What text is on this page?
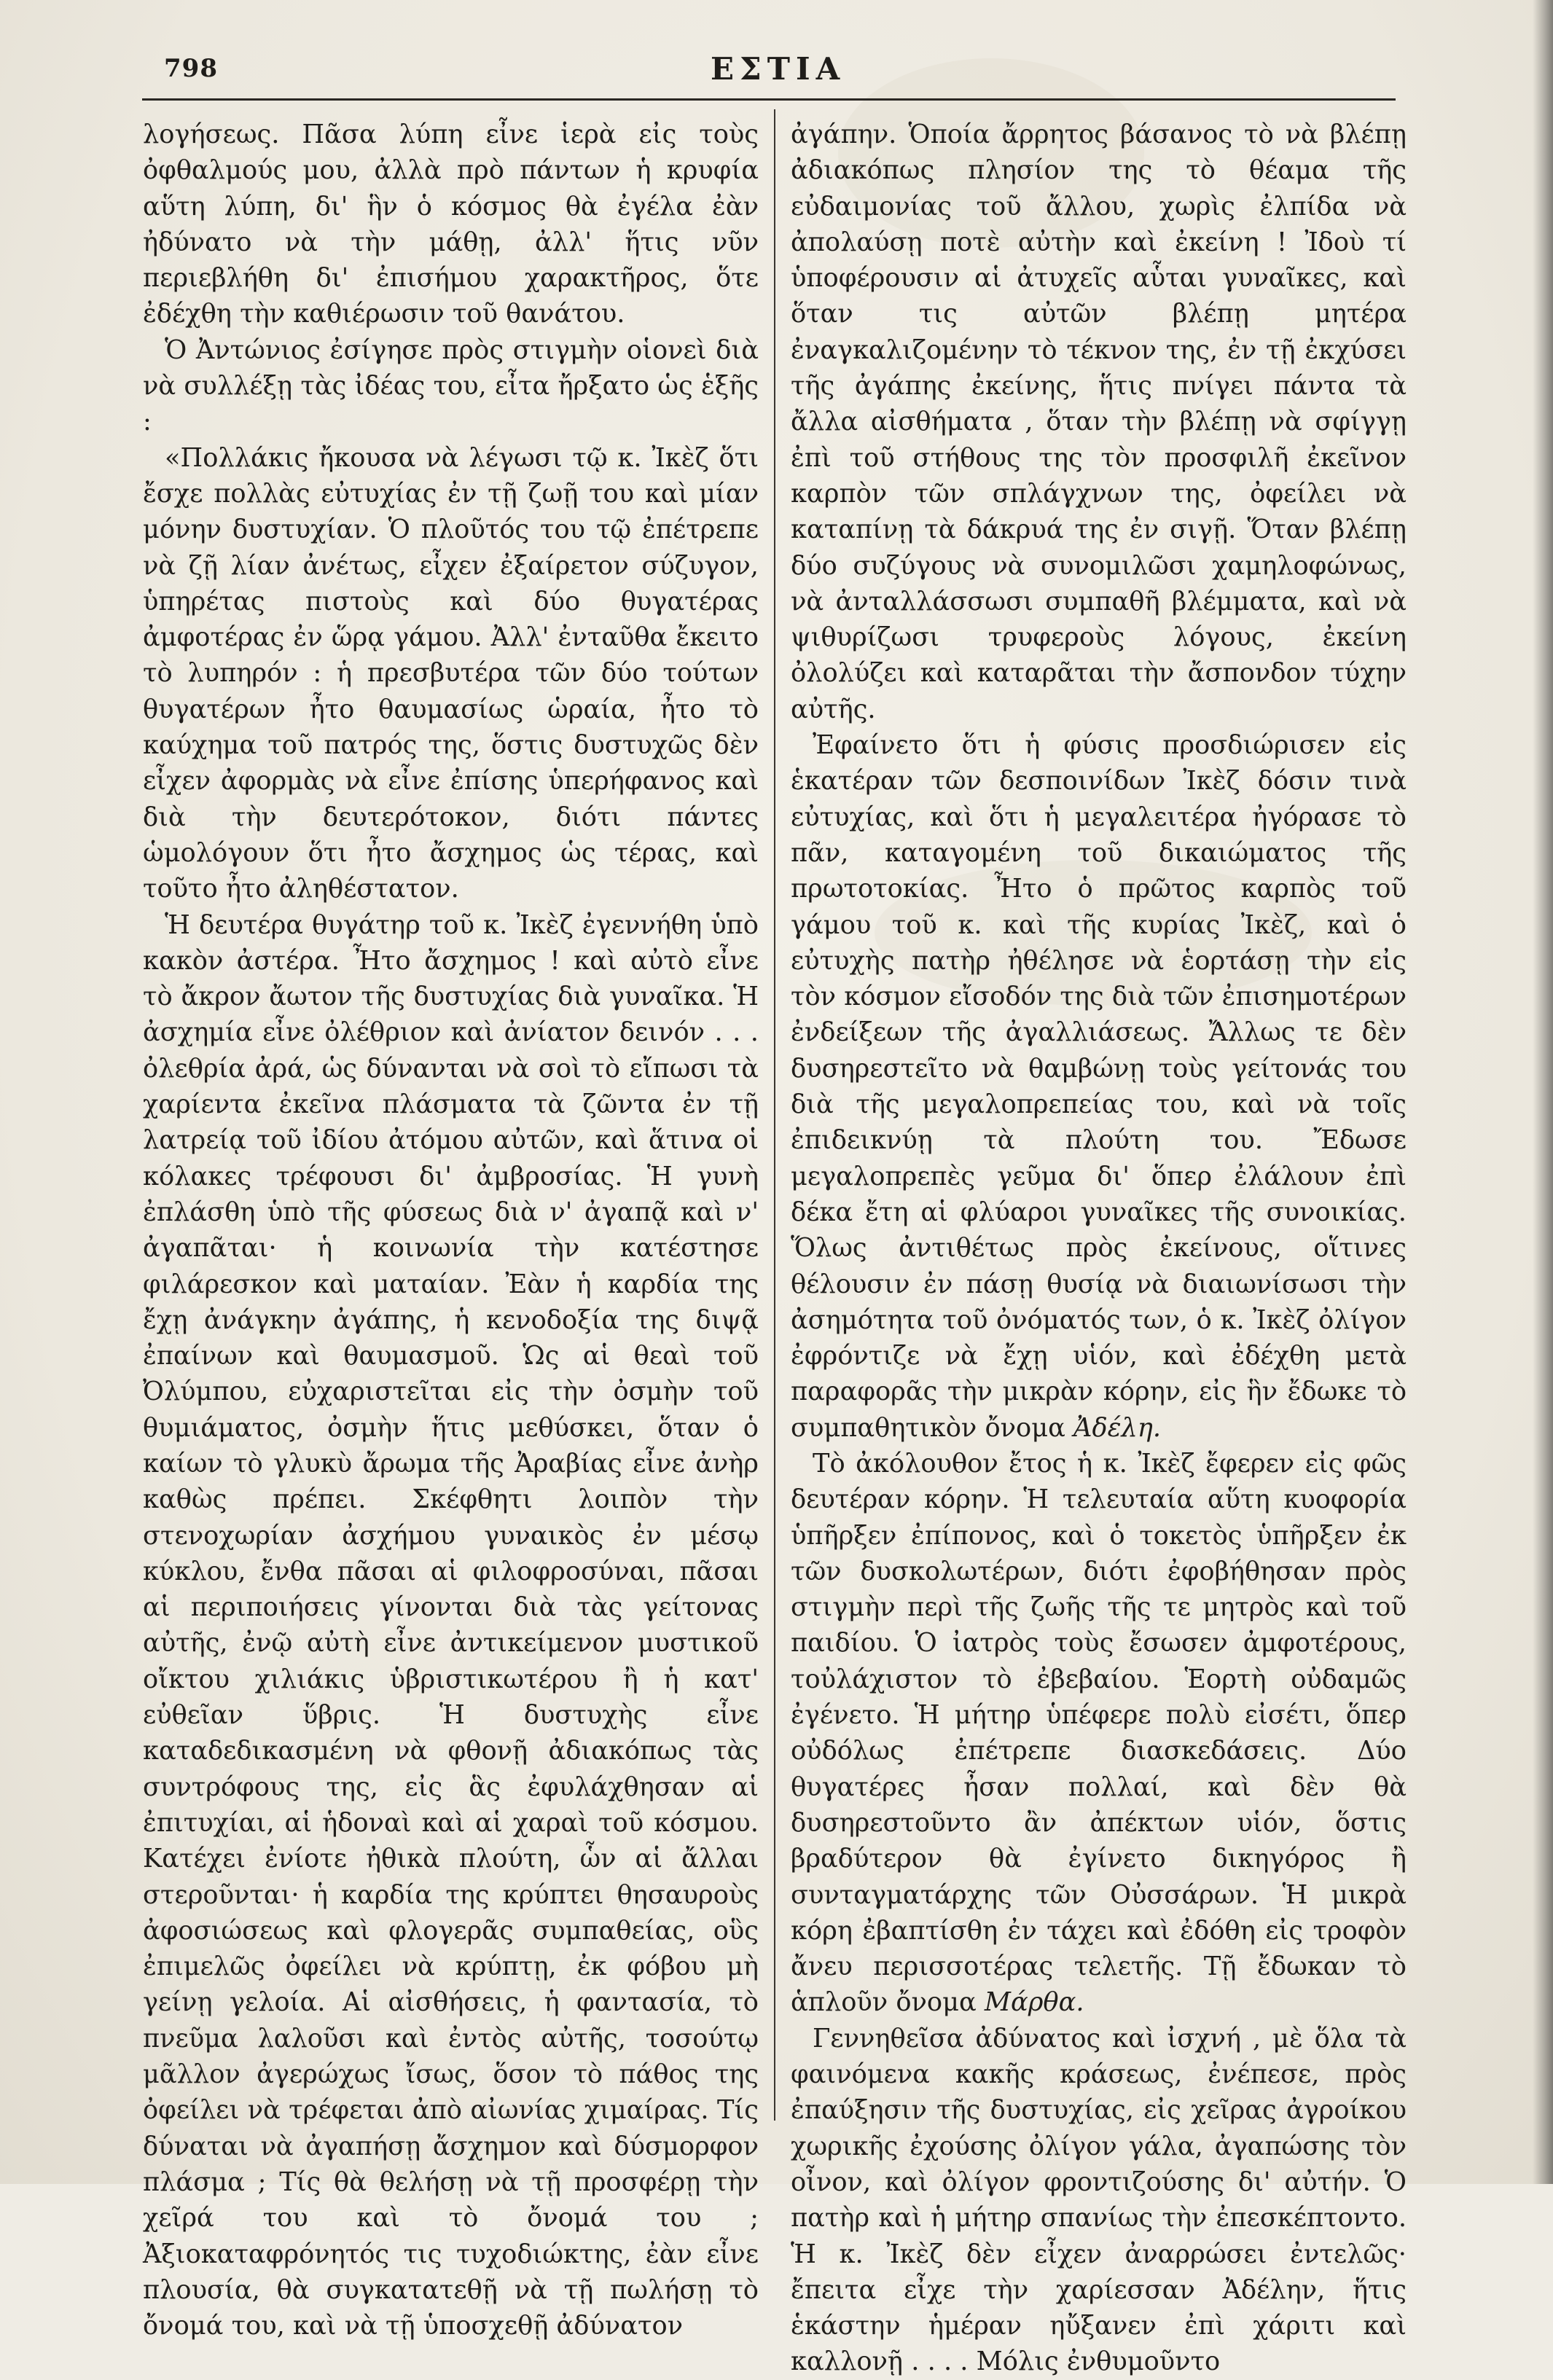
798	ΕΣΤΙΑ

λογήσεως. Πᾶσα λύπη εἶνε ἱερὰ εἰς τοὺς ὀφθαλμούς μου, ἀλλὰ πρὸ πάντων ἡ κρυφία αὕτη λύπη, δι' ἣν ὁ κόσμος θὰ ἐγέλα ἐὰν ἠδύνατο νὰ τὴν μάθῃ, ἀλλ' ἥτις νῦν περιεβλήθη δι' ἐπισήμου χαρακτῆρος, ὅτε ἐδέχθη τὴν καθιέρωσιν τοῦ θανάτου.

Ὁ Ἀντώνιος ἐσίγησε πρὸς στιγμὴν οἱονεὶ διὰ νὰ συλλέξῃ τὰς ἰδέας του, εἶτα ἤρξατο ὡς ἑξῆς :

«Πολλάκις ἤκουσα νὰ λέγωσι τῷ κ. Ἰκὲζ ὅτι ἔσχε πολλὰς εὐτυχίας ἐν τῇ ζωῇ του καὶ μίαν μόνην δυστυχίαν. Ὁ πλοῦτός του τῷ ἐπέτρεπε νὰ ζῇ λίαν ἀνέτως, εἶχεν ἐξαίρετον σύζυγον, ὑπηρέτας πιστοὺς καὶ δύο θυγατέρας ἀμφοτέρας ἐν ὥρᾳ γάμου. Ἀλλ' ἐνταῦθα ἔκειτο τὸ λυπηρόν : ἡ πρεσβυτέρα τῶν δύο τούτων θυγατέρων ἦτο θαυμασίως ὡραία, ἦτο τὸ καύχημα τοῦ πατρός της, ὅστις δυστυχῶς δὲν εἶχεν ἀφορμὰς νὰ εἶνε ἐπίσης ὑπερήφανος καὶ διὰ τὴν δευτερότοκον, διότι πάντες ὡμολόγουν ὅτι ἦτο ἄσχημος ὡς τέρας, καὶ τοῦτο ἦτο ἀληθέστατον.

Ἡ δευτέρα θυγάτηρ τοῦ κ. Ἰκὲζ ἐγεννήθη ὑπὸ κακὸν ἀστέρα. Ἦτο ἄσχημος ! καὶ αὐτὸ εἶνε τὸ ἄκρον ἄωτον τῆς δυστυχίας διὰ γυναῖκα. Ἡ ἀσχημία εἶνε ὀλέθριον καὶ ἀνίατον δεινόν . . . ὀλεθρία ἀρά, ὡς δύνανται νὰ σοὶ τὸ εἴπωσι τὰ χαρίεντα ἐκεῖνα πλάσματα τὰ ζῶντα ἐν τῇ λατρείᾳ τοῦ ἰδίου ἀτόμου αὐτῶν, καὶ ἅτινα οἱ κόλακες τρέφουσι δι' ἀμβροσίας. Ἡ γυνὴ ἐπλάσθη ὑπὸ τῆς φύσεως διὰ ν' ἀγαπᾷ καὶ ν' ἀγαπᾶται· ἡ κοινωνία τὴν κατέστησε φιλάρεσκον καὶ ματαίαν. Ἐὰν ἡ καρδία της ἔχῃ ἀνάγκην ἀγάπης, ἡ κενοδοξία της διψᾷ ἐπαίνων καὶ θαυμασμοῦ. Ὡς αἱ θεαὶ τοῦ Ὀλύμπου, εὐχαριστεῖται εἰς τὴν ὀσμὴν τοῦ θυμιάματος, ὀσμὴν ἥτις μεθύσκει, ὅταν ὁ καίων τὸ γλυκὺ ἄρωμα τῆς Ἀραβίας εἶνε ἀνὴρ καθὼς πρέπει. Σκέφθητι λοιπὸν τὴν στενοχωρίαν ἀσχήμου γυναικὸς ἐν μέσῳ κύκλου, ἔνθα πᾶσαι αἱ φιλοφροσύναι, πᾶσαι αἱ περιποιήσεις γίνονται διὰ τὰς γείτονας αὐτῆς, ἐνῷ αὐτὴ εἶνε ἀντικείμενον μυστικοῦ οἴκτου χιλιάκις ὑβριστικωτέρου ἢ ἡ κατ' εὐθεῖαν ὕβρις. Ἡ δυστυχὴς εἶνε καταδεδικασμένη νὰ φθονῇ ἀδιακόπως τὰς συντρόφους της, εἰς ἃς ἐφυλάχθησαν αἱ ἐπιτυχίαι, αἱ ἡδοναὶ καὶ αἱ χαραὶ τοῦ κόσμου. Κατέχει ἐνίοτε ἠθικὰ πλούτη, ὧν αἱ ἄλλαι στεροῦνται· ἡ καρδία της κρύπτει θησαυροὺς ἀφοσιώσεως καὶ φλογερᾶς συμπαθείας, οὓς ἐπιμελῶς ὀφείλει νὰ κρύπτῃ, ἐκ φόβου μὴ γείνῃ γελοία. Αἱ αἰσθήσεις, ἡ φαντασία, τὸ πνεῦμα λαλοῦσι καὶ ἐντὸς αὐτῆς, τοσούτῳ μᾶλλον ἀγερώχως ἴσως, ὅσον τὸ πάθος της ὀφείλει νὰ τρέφεται ἀπὸ αἰωνίας χιμαίρας. Τίς δύναται νὰ ἀγαπήσῃ ἄσχημον καὶ δύσμορφον πλάσμα ; Τίς θὰ θελήσῃ νὰ τῇ προσφέρῃ τὴν χεῖρά του καὶ τὸ ὄνομά του ; Ἀξιοκαταφρόνητός τις τυχοδιώκτης, ἐὰν εἶνε πλουσία, θὰ συγκατατεθῇ νὰ τῇ πωλήσῃ τὸ ὄνομά του, καὶ νὰ τῇ ὑποσχεθῇ ἀδύνατον

ἀγάπην. Ὁποία ἄρρητος βάσανος τὸ νὰ βλέπῃ ἀδιακόπως πλησίον της τὸ θέαμα τῆς εὐδαιμονίας τοῦ ἄλλου, χωρὶς ἐλπίδα νὰ ἀπολαύσῃ ποτὲ αὐτὴν καὶ ἐκείνη ! Ἰδοὺ τί ὑποφέρουσιν αἱ ἀτυχεῖς αὗται γυναῖκες, καὶ ὅταν τις αὐτῶν βλέπῃ μητέρα ἐναγκαλιζομένην τὸ τέκνον της, ἐν τῇ ἐκχύσει τῆς ἀγάπης ἐκείνης, ἥτις πνίγει πάντα τὰ ἄλλα αἰσθήματα , ὅταν τὴν βλέπῃ νὰ σφίγγῃ ἐπὶ τοῦ στήθους της τὸν προσφιλῆ ἐκεῖνον καρπὸν τῶν σπλάγχνων της, ὀφείλει νὰ καταπίνῃ τὰ δάκρυά της ἐν σιγῇ. Ὅταν βλέπῃ δύο συζύγους νὰ συνομιλῶσι χαμηλοφώνως, νὰ ἀνταλλάσσωσι συμπαθῆ βλέμματα, καὶ νὰ ψιθυρίζωσι τρυφεροὺς λόγους, ἐκείνη ὀλολύζει καὶ καταρᾶται τὴν ἄσπονδον τύχην αὐτῆς.

Ἐφαίνετο ὅτι ἡ φύσις προσδιώρισεν εἰς ἑκατέραν τῶν δεσποινίδων Ἰκὲζ δόσιν τινὰ εὐτυχίας, καὶ ὅτι ἡ μεγαλειτέρα ἠγόρασε τὸ πᾶν, καταγομένη τοῦ δικαιώματος τῆς πρωτοτοκίας. Ἦτο ὁ πρῶτος καρπὸς τοῦ γάμου τοῦ κ. καὶ τῆς κυρίας Ἰκὲζ, καὶ ὁ εὐτυχὴς πατὴρ ἠθέλησε νὰ ἑορτάσῃ τὴν εἰς τὸν κόσμον εἴσοδόν της διὰ τῶν ἐπισημοτέρων ἐνδείξεων τῆς ἀγαλλιάσεως. Ἄλλως τε δὲν δυσηρεστεῖτο νὰ θαμβώνῃ τοὺς γείτονάς του διὰ τῆς μεγαλοπρεπείας του, καὶ νὰ τοῖς ἐπιδεικνύῃ τὰ πλούτη του. Ἔδωσε μεγαλοπρεπὲς γεῦμα δι' ὅπερ ἐλάλουν ἐπὶ δέκα ἔτη αἱ φλύαροι γυναῖκες τῆς συνοικίας. Ὅλως ἀντιθέτως πρὸς ἐκείνους, οἵτινες θέλουσιν ἐν πάσῃ θυσίᾳ νὰ διαιωνίσωσι τὴν ἀσημότητα τοῦ ὀνόματός των, ὁ κ. Ἰκὲζ ὀλίγον ἐφρόντιζε νὰ ἔχῃ υἱόν, καὶ ἐδέχθη μετὰ παραφορᾶς τὴν μικρὰν κόρην, εἰς ἣν ἔδωκε τὸ συμπαθητικὸν ὄνομα Ἀδέλη.

Τὸ ἀκόλουθον ἔτος ἡ κ. Ἰκὲζ ἔφερεν εἰς φῶς δευτέραν κόρην. Ἡ τελευταία αὕτη κυοφορία ὑπῆρξεν ἐπίπονος, καὶ ὁ τοκετὸς ὑπῆρξεν ἐκ τῶν δυσκολωτέρων, διότι ἐφοβήθησαν πρὸς στιγμὴν περὶ τῆς ζωῆς τῆς τε μητρὸς καὶ τοῦ παιδίου. Ὁ ἰατρὸς τοὺς ἔσωσεν ἀμφοτέρους, τοὐλάχιστον τὸ ἐβεβαίου. Ἑορτὴ οὐδαμῶς ἐγένετο. Ἡ μήτηρ ὑπέφερε πολὺ εἰσέτι, ὅπερ οὐδόλως ἐπέτρεπε διασκεδάσεις. Δύο θυγατέρες ἦσαν πολλαί, καὶ δὲν θὰ δυσηρεστοῦντο ἂν ἀπέκτων υἱόν, ὅστις βραδύτερον θὰ ἐγίνετο δικηγόρος ἢ συνταγματάρχης τῶν Οὐσσάρων. Ἡ μικρὰ κόρη ἐβαπτίσθη ἐν τάχει καὶ ἐδόθη εἰς τροφὸν ἄνευ περισσοτέρας τελετῆς. Τῇ ἔδωκαν τὸ ἁπλοῦν ὄνομα Μάρθα.

Γεννηθεῖσα ἀδύνατος καὶ ἰσχνή , μὲ ὅλα τὰ φαινόμενα κακῆς κράσεως, ἐνέπεσε, πρὸς ἐπαύξησιν τῆς δυστυχίας, εἰς χεῖρας ἀγροίκου χωρικῆς ἐχούσης ὀλίγον γάλα, ἀγαπώσης τὸν οἶνον, καὶ ὀλίγον φροντιζούσης δι' αὐτήν. Ὁ πατὴρ καὶ ἡ μήτηρ σπανίως τὴν ἐπεσκέπτοντο. Ἡ κ. Ἰκὲζ δὲν εἶχεν ἀναρρώσει ἐντελῶς· ἔπειτα εἶχε τὴν χαρίεσσαν Ἀδέλην, ἥτις ἑκάστην ἡμέραν ηὔξανεν ἐπὶ χάριτι καὶ καλλονῇ . . . . Μόλις ἐνθυμοῦντο
